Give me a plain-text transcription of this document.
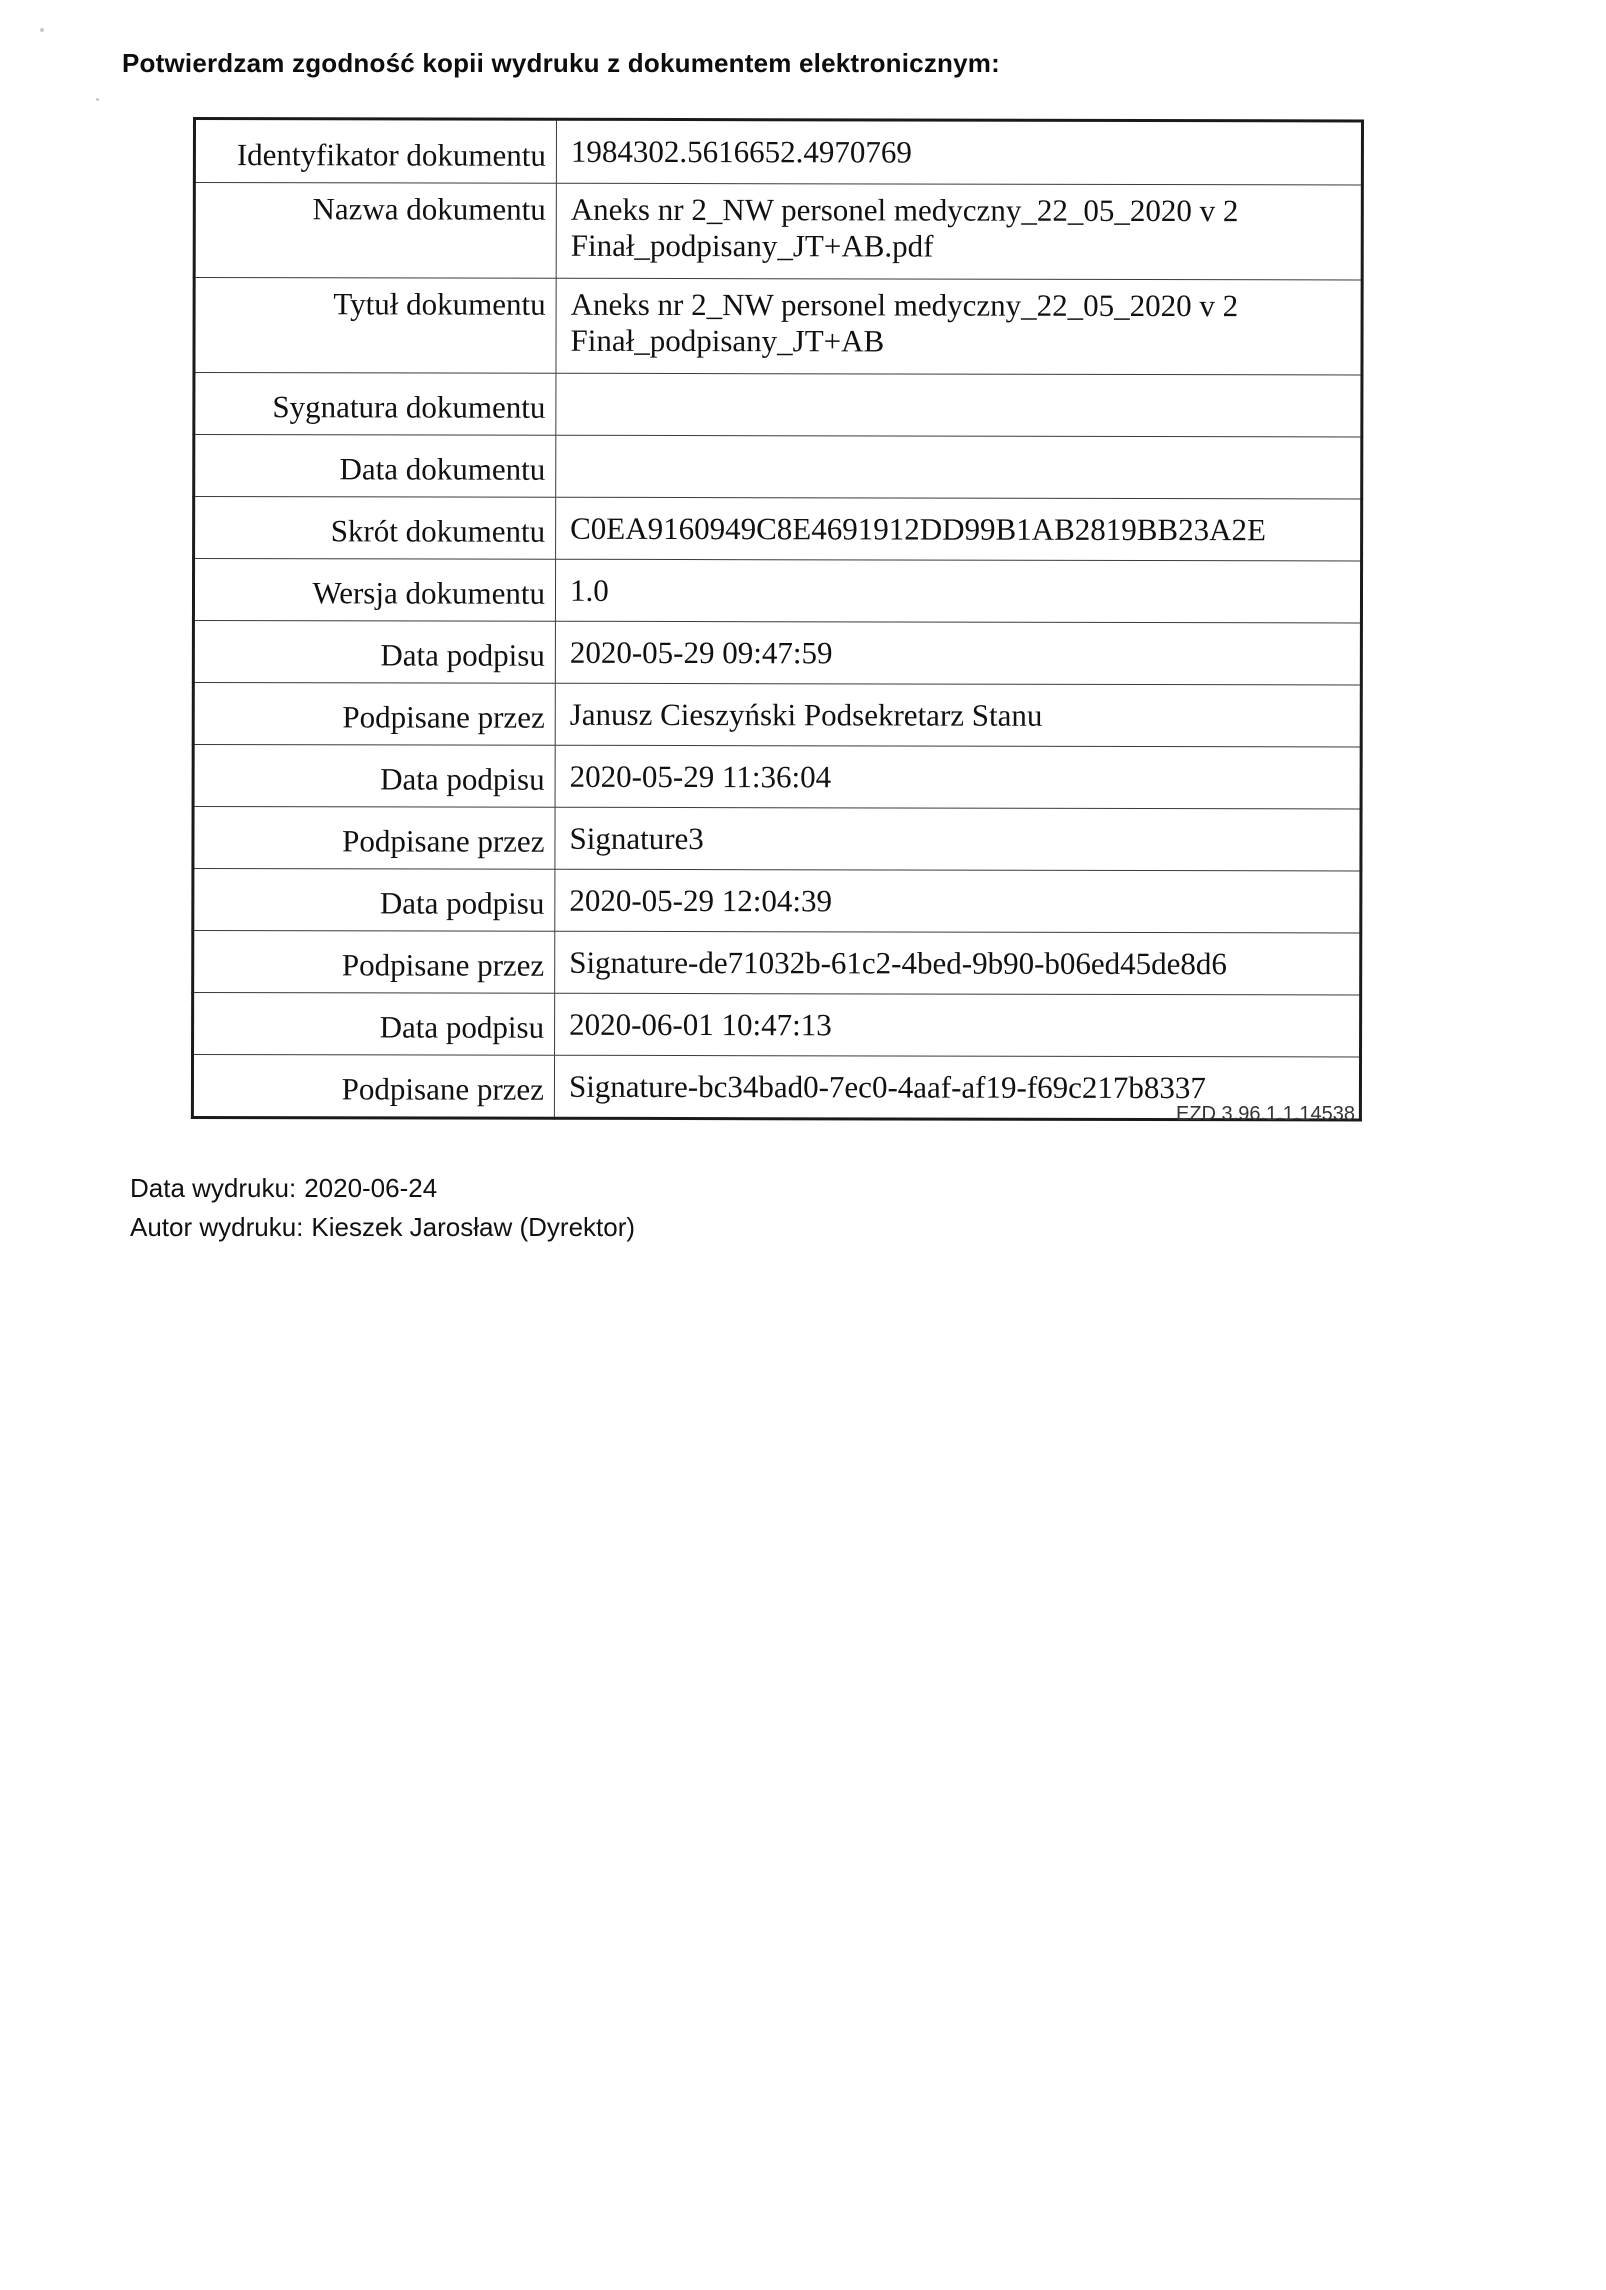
Potwierdzam zgodność kopii wydruku z dokumentem elektronicznym:
Identyfikator dokumentu	1984302.5616652.4970769
Nazwa dokumentu	Aneks nr 2_NW personel medyczny_22_05_2020 v 2
Finał_podpisany_JT+AB.pdf
Tytuł dokumentu	Aneks nr 2_NW personel medyczny_22_05_2020 v 2
Finał_podpisany_JT+AB
Sygnatura dokumentu	
Data dokumentu	
Skrót dokumentu	C0EA9160949C8E4691912DD99B1AB2819BB23A2E
Wersja dokumentu	1.0
Data podpisu	2020-05-29 09:47:59
Podpisane przez	Janusz Cieszyński Podsekretarz Stanu
Data podpisu	2020-05-29 11:36:04
Podpisane przez	Signature3
Data podpisu	2020-05-29 12:04:39
Podpisane przez	Signature-de71032b-61c2-4bed-9b90-b06ed45de8d6
Data podpisu	2020-06-01 10:47:13
Podpisane przez	Signature-bc34bad0-7ec0-4aaf-af19-f69c217b8337
EZD 3.96.1.1.14538
Data wydruku: 2020-06-24
Autor wydruku: Kieszek Jarosław (Dyrektor)
